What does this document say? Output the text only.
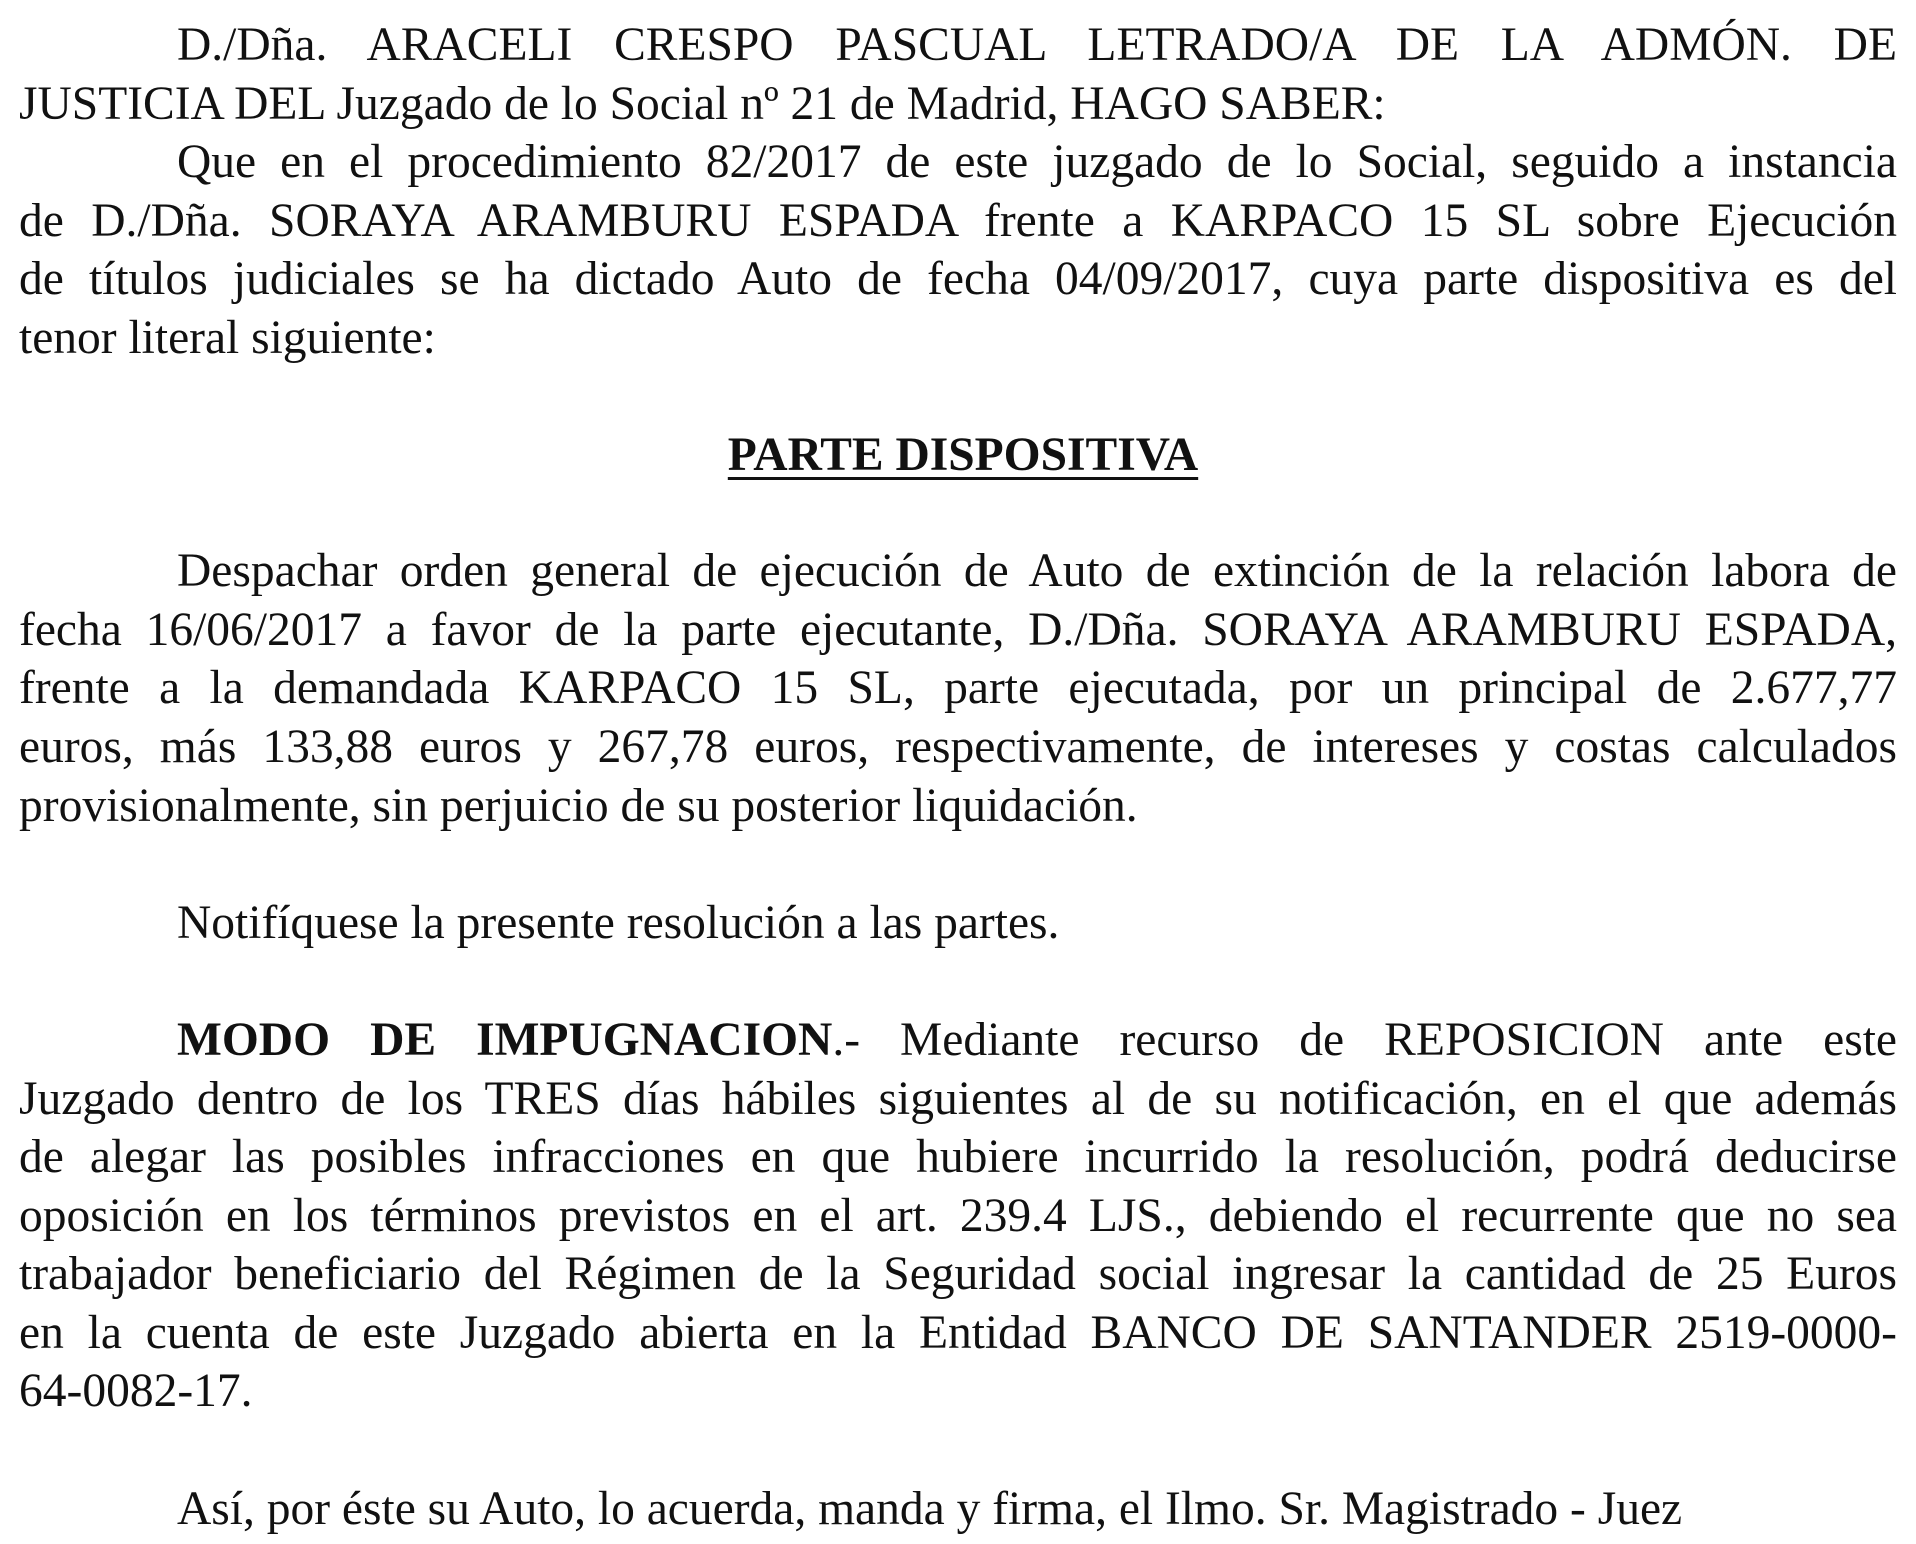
D./Dña. ARACELI CRESPO PASCUAL LETRADO/A DE LA ADMÓN. DE
JUSTICIA DEL Juzgado de lo Social nº 21 de Madrid, HAGO SABER:
Que en el procedimiento 82/2017 de este juzgado de lo Social, seguido a instancia
de D./Dña. SORAYA ARAMBURU ESPADA frente a KARPACO 15 SL sobre Ejecución
de títulos judiciales se ha dictado Auto de fecha 04/09/2017, cuya parte dispositiva es del
tenor literal siguiente:
PARTE DISPOSITIVA
Despachar orden general de ejecución de Auto de extinción de la relación labora de
fecha 16/06/2017 a favor de la parte ejecutante, D./Dña. SORAYA ARAMBURU ESPADA,
frente a la demandada KARPACO 15 SL, parte ejecutada, por un principal de 2.677,77
euros, más 133,88 euros y 267,78 euros, respectivamente, de intereses y costas calculados
provisionalmente, sin perjuicio de su posterior liquidación.
Notifíquese la presente resolución a las partes.
MODO DE IMPUGNACION.- Mediante recurso de REPOSICION ante este
Juzgado dentro de los TRES días hábiles siguientes al de su notificación, en el que además
de alegar las posibles infracciones en que hubiere incurrido la resolución, podrá deducirse
oposición en los términos previstos en el art. 239.4 LJS., debiendo el recurrente que no sea
trabajador beneficiario del Régimen de la Seguridad social ingresar la cantidad de 25 Euros
en la cuenta de este Juzgado abierta en la Entidad BANCO DE SANTANDER 2519-0000-
64-0082-17.
Así, por éste su Auto, lo acuerda, manda y firma, el Ilmo. Sr. Magistrado - Juez
